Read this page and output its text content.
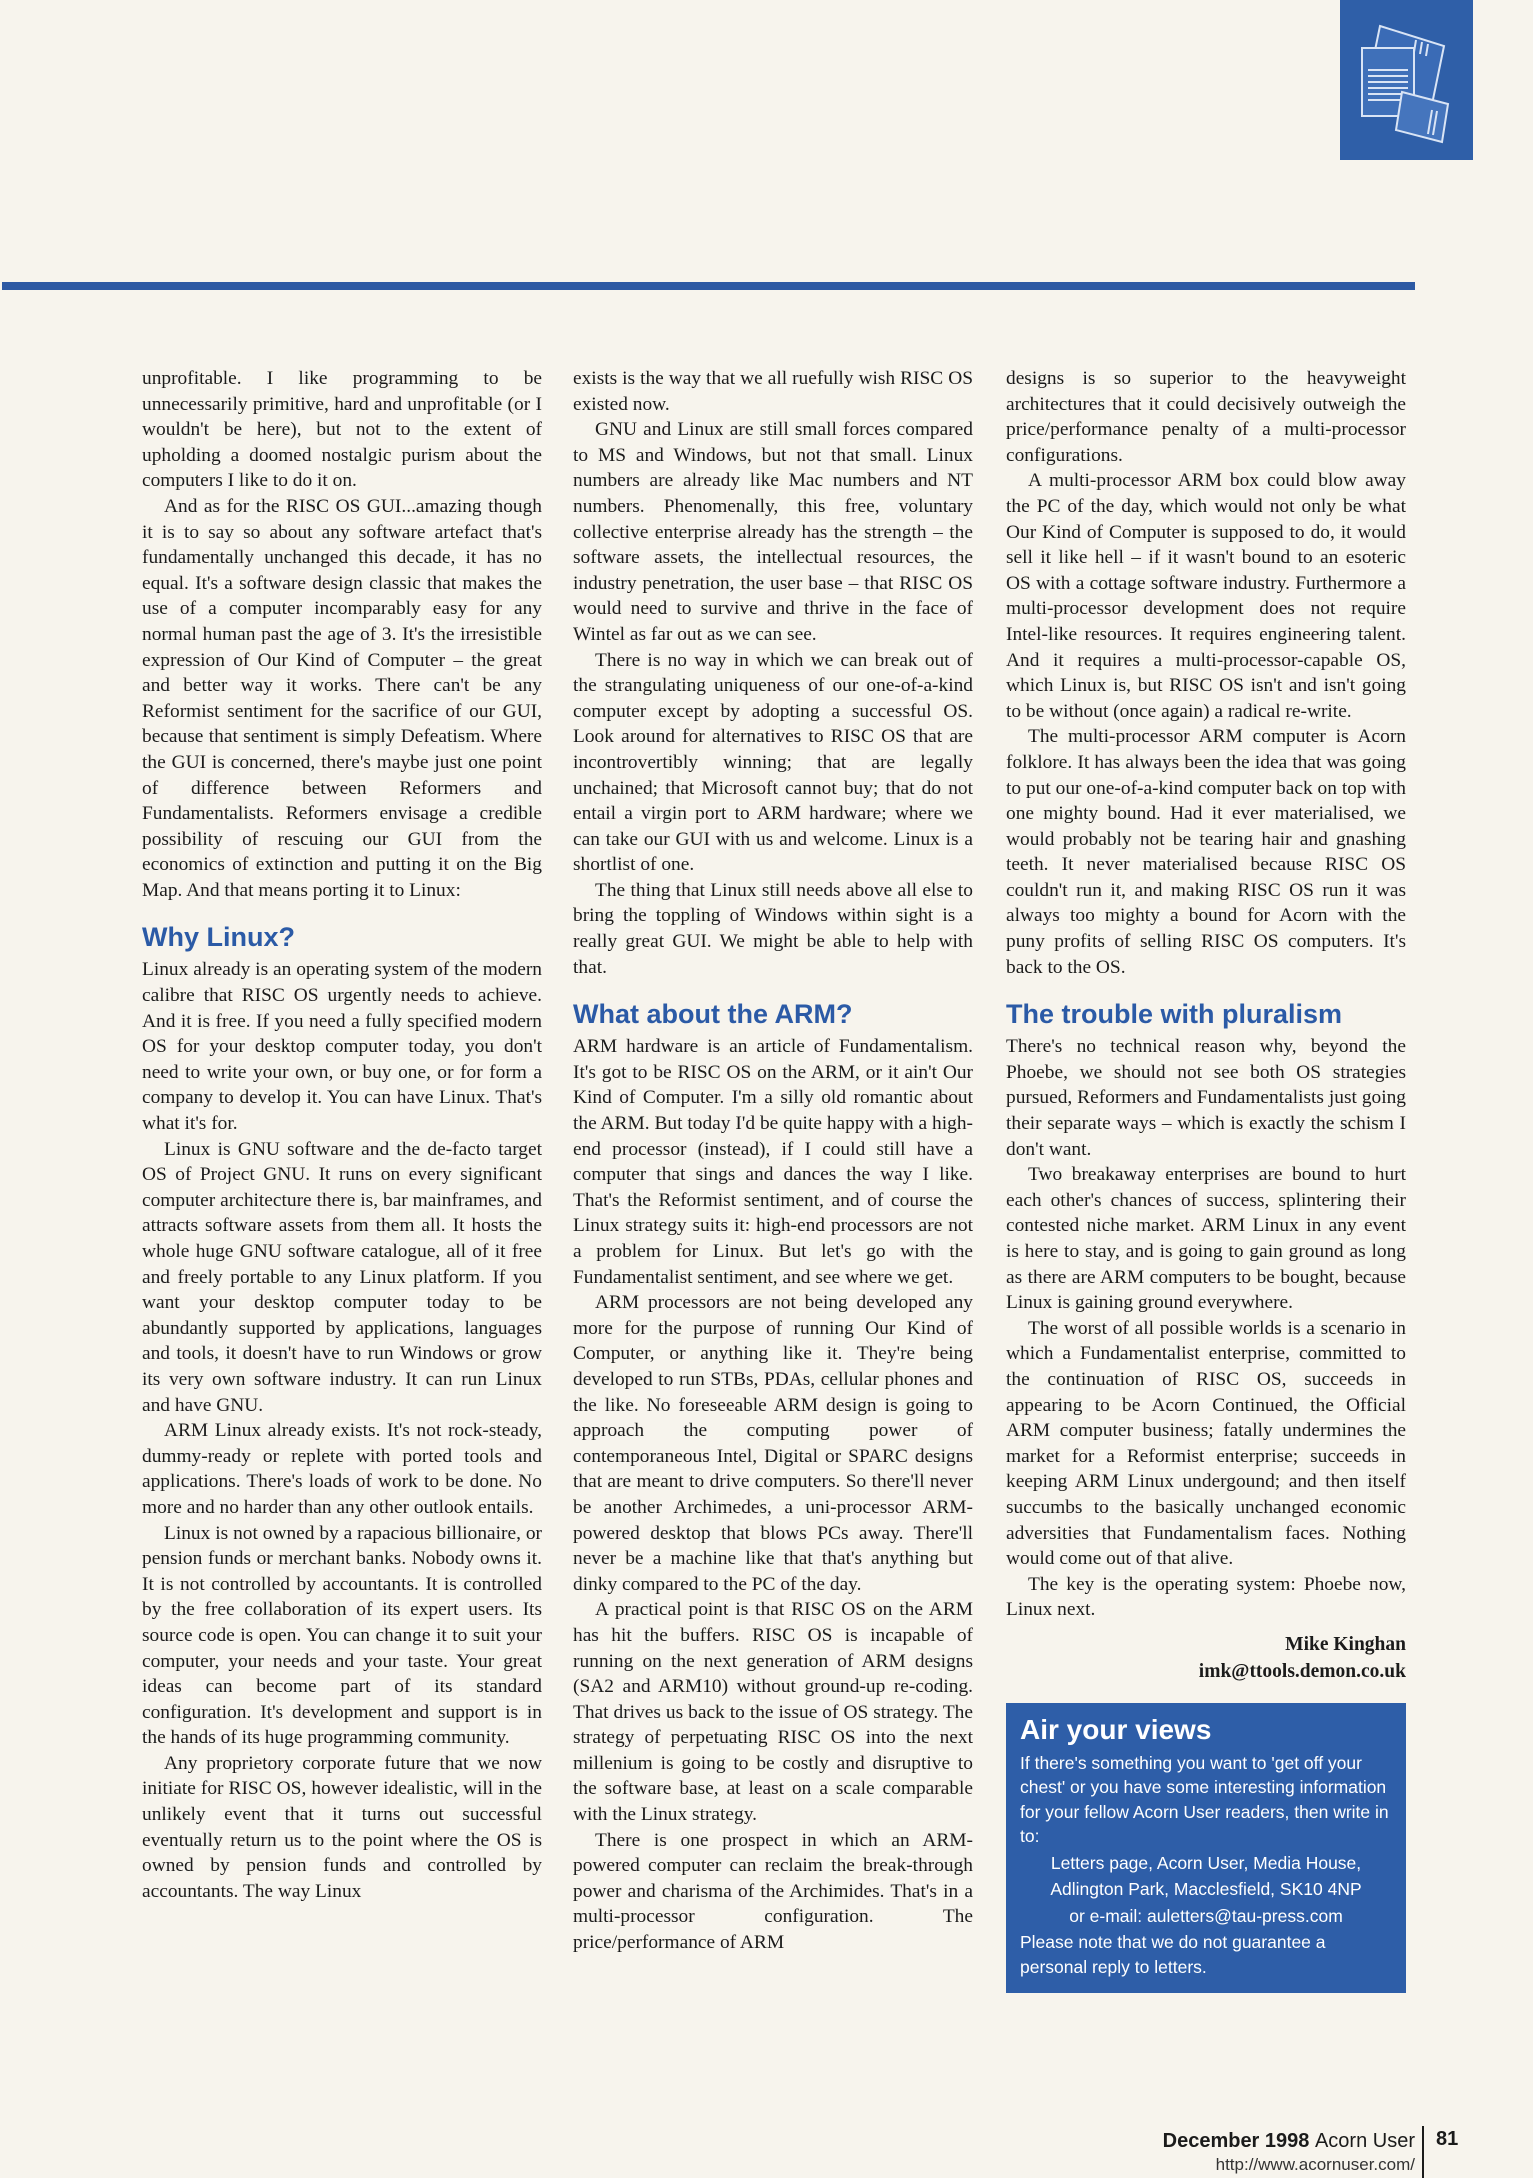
unprofitable. I like programming to be unnecessarily primitive, hard and unprofitable (or I wouldn't be here), but not to the extent of upholding a doomed nostalgic purism about the computers I like to do it on.

And as for the RISC OS GUI...amazing though it is to say so about any software artefact that's fundamentally unchanged this decade, it has no equal. It's a software design classic that makes the use of a computer incomparably easy for any normal human past the age of 3. It's the irresistible expression of Our Kind of Computer – the great and better way it works. There can't be any Reformist sentiment for the sacrifice of our GUI, because that sentiment is simply Defeatism. Where the GUI is concerned, there's maybe just one point of difference between Reformers and Fundamentalists. Reformers envisage a credible possibility of rescuing our GUI from the economics of extinction and putting it on the Big Map. And that means porting it to Linux:

Why Linux?

Linux already is an operating system of the modern calibre that RISC OS urgently needs to achieve. And it is free. If you need a fully specified modern OS for your desktop computer today, you don't need to write your own, or buy one, or for form a company to develop it. You can have Linux. That's what it's for.

Linux is GNU software and the de-facto target OS of Project GNU. It runs on every significant computer architecture there is, bar mainframes, and attracts software assets from them all. It hosts the whole huge GNU software catalogue, all of it free and freely portable to any Linux platform. If you want your desktop computer today to be abundantly supported by applications, languages and tools, it doesn't have to run Windows or grow its very own software industry. It can run Linux and have GNU.

ARM Linux already exists. It's not rock-steady, dummy-ready or replete with ported tools and applications. There's loads of work to be done. No more and no harder than any other outlook entails.

Linux is not owned by a rapacious billionaire, or pension funds or merchant banks. Nobody owns it. It is not controlled by accountants. It is controlled by the free collaboration of its expert users. Its source code is open. You can change it to suit your computer, your needs and your taste. Your great ideas can become part of its standard configuration. It's development and support is in the hands of its huge programming community.

Any proprietory corporate future that we now initiate for RISC OS, however idealistic, will in the unlikely event that it turns out successful eventually return us to the point where the OS is owned by pension funds and controlled by accountants. The way Linux

exists is the way that we all ruefully wish RISC OS existed now.

GNU and Linux are still small forces compared to MS and Windows, but not that small. Linux numbers are already like Mac numbers and NT numbers. Phenomenally, this free, voluntary collective enterprise already has the strength – the software assets, the intellectual resources, the industry penetration, the user base – that RISC OS would need to survive and thrive in the face of Wintel as far out as we can see.

There is no way in which we can break out of the strangulating uniqueness of our one-of-a-kind computer except by adopting a successful OS. Look around for alternatives to RISC OS that are incontrovertibly winning; that are legally unchained; that Microsoft cannot buy; that do not entail a virgin port to ARM hardware; where we can take our GUI with us and welcome. Linux is a shortlist of one.

The thing that Linux still needs above all else to bring the toppling of Windows within sight is a really great GUI. We might be able to help with that.

What about the ARM?

ARM hardware is an article of Fundamentalism. It's got to be RISC OS on the ARM, or it ain't Our Kind of Computer. I'm a silly old romantic about the ARM. But today I'd be quite happy with a high-end processor (instead), if I could still have a computer that sings and dances the way I like. That's the Reformist sentiment, and of course the Linux strategy suits it: high-end processors are not a problem for Linux. But let's go with the Fundamentalist sentiment, and see where we get.

ARM processors are not being developed any more for the purpose of running Our Kind of Computer, or anything like it. They're being developed to run STBs, PDAs, cellular phones and the like. No foreseeable ARM design is going to approach the computing power of contemporaneous Intel, Digital or SPARC designs that are meant to drive computers. So there'll never be another Archimedes, a uni-processor ARM-powered desktop that blows PCs away. There'll never be a machine like that that's anything but dinky compared to the PC of the day.

A practical point is that RISC OS on the ARM has hit the buffers. RISC OS is incapable of running on the next generation of ARM designs (SA2 and ARM10) without ground-up re-coding. That drives us back to the issue of OS strategy. The strategy of perpetuating RISC OS into the next millenium is going to be costly and disruptive to the software base, at least on a scale comparable with the Linux strategy.

There is one prospect in which an ARM-powered computer can reclaim the break-through power and charisma of the Archimides. That's in a multi-processor configuration. The price/performance of ARM

designs is so superior to the heavyweight architectures that it could decisively outweigh the price/performance penalty of a multi-processor configurations.

A multi-processor ARM box could blow away the PC of the day, which would not only be what Our Kind of Computer is supposed to do, it would sell it like hell – if it wasn't bound to an esoteric OS with a cottage software industry. Furthermore a multi-processor development does not require Intel-like resources. It requires engineering talent. And it requires a multi-processor-capable OS, which Linux is, but RISC OS isn't and isn't going to be without (once again) a radical re-write.

The multi-processor ARM computer is Acorn folklore. It has always been the idea that was going to put our one-of-a-kind computer back on top with one mighty bound. Had it ever materialised, we would probably not be tearing hair and gnashing teeth. It never materialised because RISC OS couldn't run it, and making RISC OS run it was always too mighty a bound for Acorn with the puny profits of selling RISC OS computers. It's back to the OS.

The trouble with pluralism

There's no technical reason why, beyond the Phoebe, we should not see both OS strategies pursued, Reformers and Fundamentalists just going their separate ways – which is exactly the schism I don't want.

Two breakaway enterprises are bound to hurt each other's chances of success, splintering their contested niche market. ARM Linux in any event is here to stay, and is going to gain ground as long as there are ARM computers to be bought, because Linux is gaining ground everywhere.

The worst of all possible worlds is a scenario in which a Fundamentalist enterprise, committed to the continuation of RISC OS, succeeds in appearing to be Acorn Continued, the Official ARM computer business; fatally undermines the market for a Reformist enterprise; succeeds in keeping ARM Linux undergound; and then itself succumbs to the basically unchanged economic adversities that Fundamentalism faces. Nothing would come out of that alive.

The key is the operating system: Phoebe now, Linux next.

Mike Kinghan
imk@ttools.demon.co.uk
Air your views
If there's something you want to 'get off your chest' or you have some interesting information for your fellow Acorn User readers, then write in to:
Letters page, Acorn User, Media House,
Adlington Park, Macclesfield, SK10 4NP
or e-mail: auletters@tau-press.com
Please note that we do not guarantee a personal reply to letters.
December 1998 Acorn User
http://www.acornuser.com/
81
